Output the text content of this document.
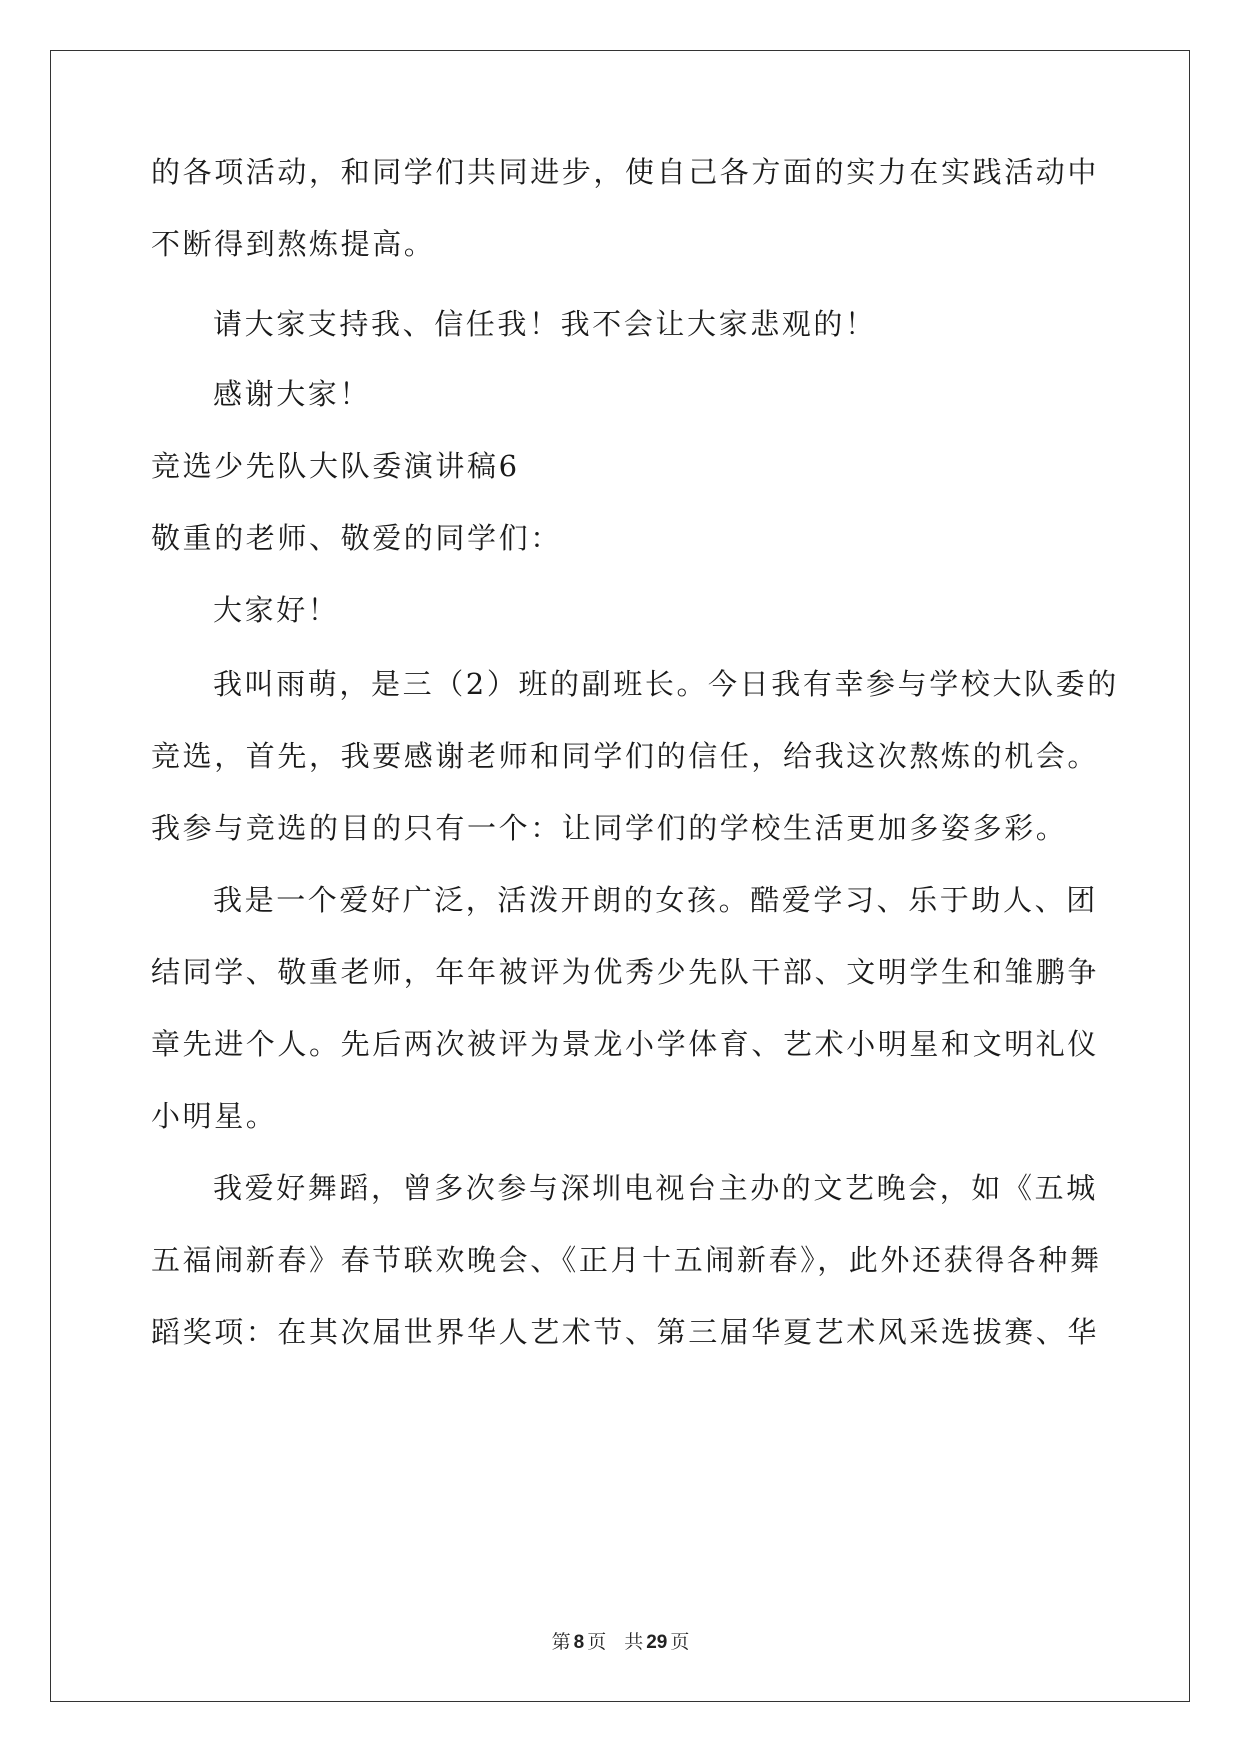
的各项活动，和同学们共同进步，使自己各方面的实力在实践活动中
不断得到熬炼提高。
请大家支持我、信任我！我不会让大家悲观的！
感谢大家！
竞选少先队大队委演讲稿6
敬重的老师、敬爱的同学们：
大家好！
我叫雨萌，是三（2）班的副班长。今日我有幸参与学校大队委的
竞选，首先，我要感谢老师和同学们的信任，给我这次熬炼的机会。
我参与竞选的目的只有一个：让同学们的学校生活更加多姿多彩。
我是一个爱好广泛，活泼开朗的女孩。酷爱学习、乐于助人、团
结同学、敬重老师，年年被评为优秀少先队干部、文明学生和雏鹏争
章先进个人。先后两次被评为景龙小学体育、艺术小明星和文明礼仪
小明星。
我爱好舞蹈，曾多次参与深圳电视台主办的文艺晚会，如《五城
五福闹新春》春节联欢晚会、《正月十五闹新春》，此外还获得各种舞
蹈奖项：在其次届世界华人艺术节、第三届华夏艺术风采选拔赛、华
第 8 页 共 29 页
